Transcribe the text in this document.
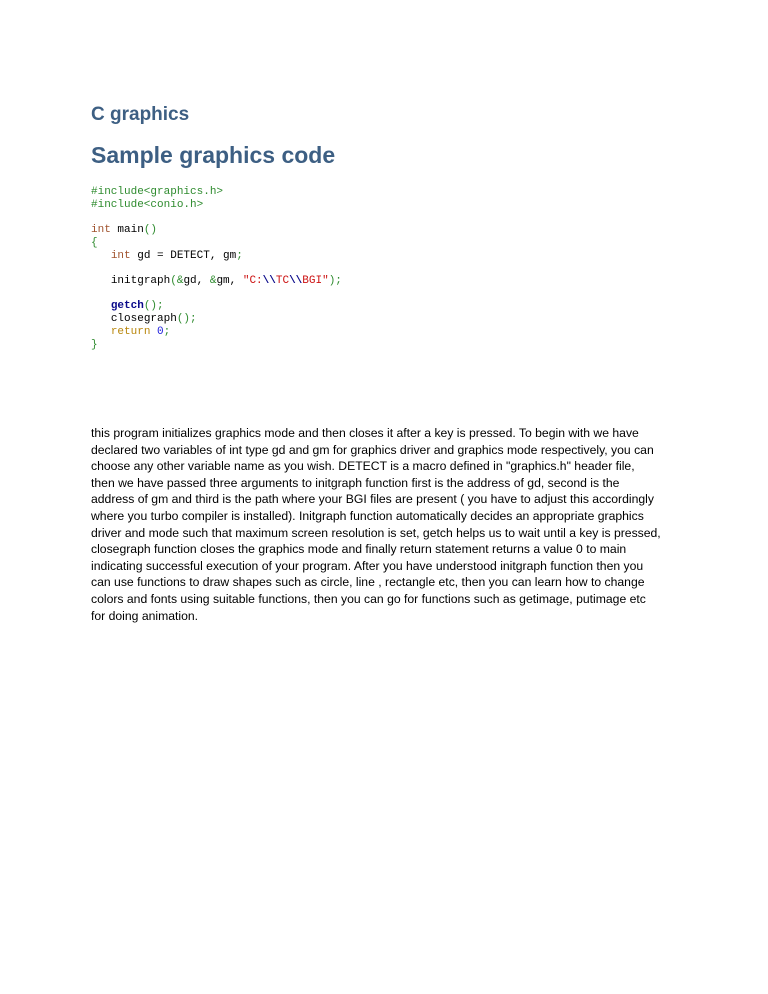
C graphics
Sample graphics code
#include<graphics.h>
#include<conio.h>
int main()
{
int gd = DETECT, gm;
initgraph(&gd, &gm, "C:\\TC\\BGI");
getch();
closegraph();
return 0;
}
this program initializes graphics mode and then closes it after a key is pressed. To begin with we have
declared two variables of int type gd and gm for graphics driver and graphics mode respectively, you can
choose any other variable name as you wish. DETECT is a macro defined in "graphics.h" header file,
then we have passed three arguments to initgraph function first is the address of gd, second is the
address of gm and third is the path where your BGI files are present ( you have to adjust this accordingly
where you turbo compiler is installed). Initgraph function automatically decides an appropriate graphics
driver and mode such that maximum screen resolution is set, getch helps us to wait until a key is pressed,
closegraph function closes the graphics mode and finally return statement returns a value 0 to main
indicating successful execution of your program. After you have understood initgraph function then you
can use functions to draw shapes such as circle, line , rectangle etc, then you can learn how to change
colors and fonts using suitable functions, then you can go for functions such as getimage, putimage etc
for doing animation.
